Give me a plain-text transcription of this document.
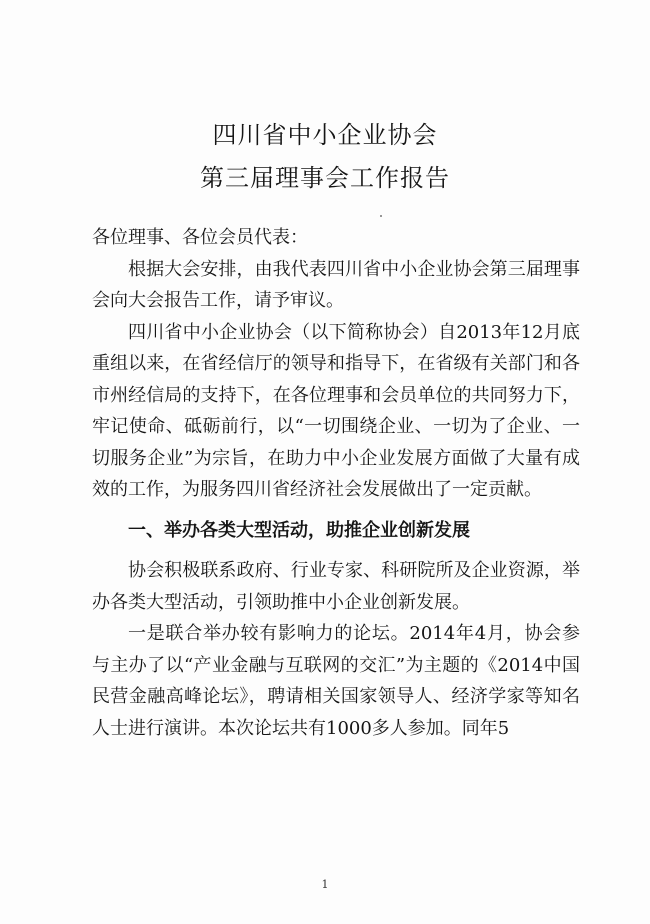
四川省中小企业协会
第三届理事会工作报告

各位理事、各位会员代表：

根据大会安排，由我代表四川省中小企业协会第三届理事会向大会报告工作，请予审议。

四川省中小企业协会（以下简称协会）自2013年12月底重组以来，在省经信厅的领导和指导下，在省级有关部门和各市州经信局的支持下，在各位理事和会员单位的共同努力下，牢记使命、砥砺前行，以“一切围绕企业、一切为了企业、一切服务企业”为宗旨，在助力中小企业发展方面做了大量有成效的工作，为服务四川省经济社会发展做出了一定贡献。

一、举办各类大型活动，助推企业创新发展

协会积极联系政府、行业专家、科研院所及企业资源，举办各类大型活动，引领助推中小企业创新发展。

一是联合举办较有影响力的论坛。2014年4月，协会参与主办了以“产业金融与互联网的交汇”为主题的《2014中国民营金融高峰论坛》，聘请相关国家领导人、经济学家等知名人士进行演讲。本次论坛共有1000多人参加。同年5

1
